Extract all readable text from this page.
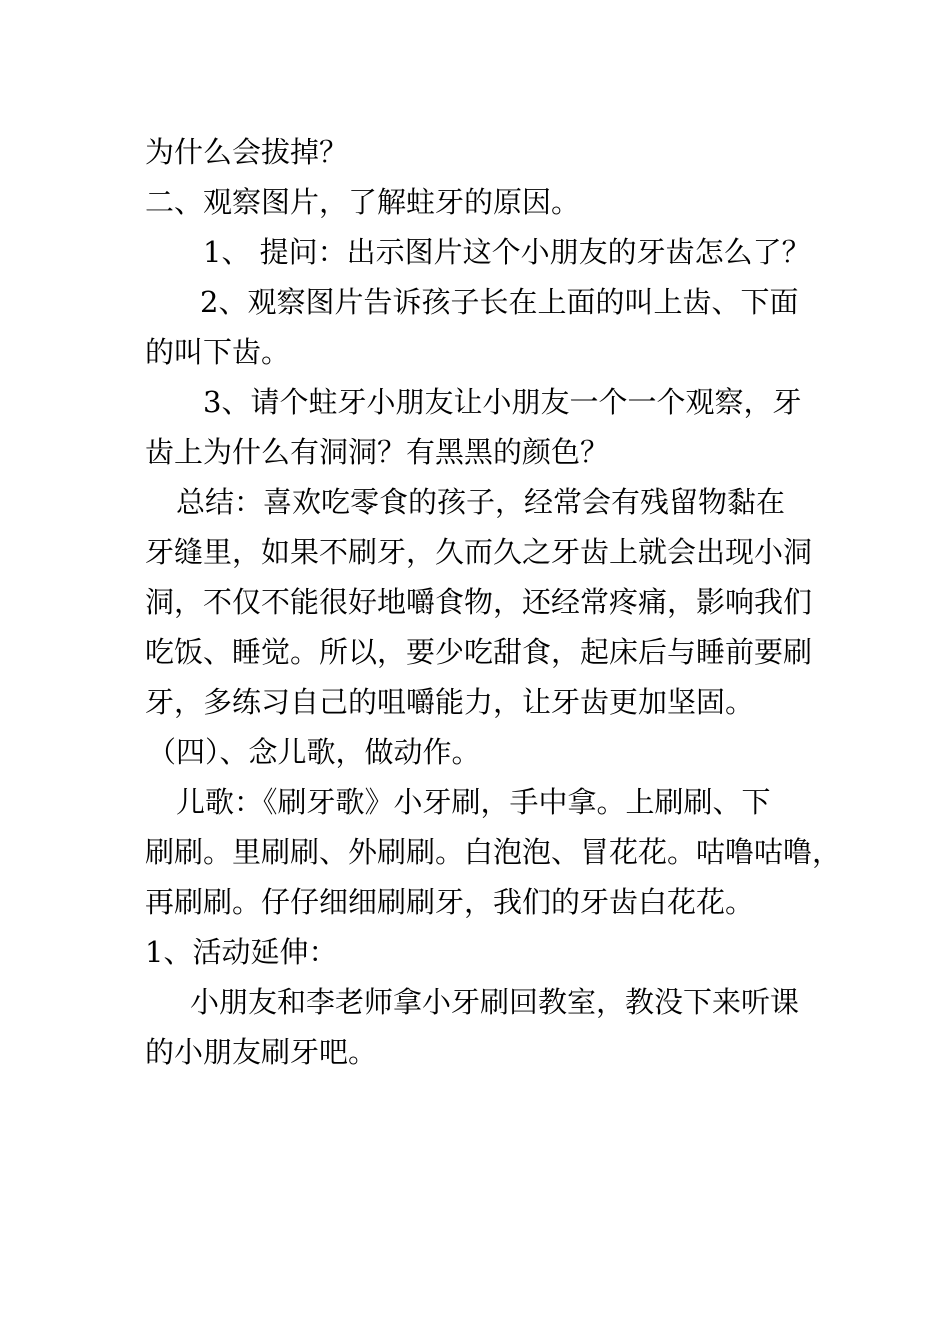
为什么会拔掉？

二、观察图片，了解蛀牙的原因。

1、 提问：出示图片这个小朋友的牙齿怎么了？

2、观察图片告诉孩子长在上面的叫上齿、下面

的叫下齿。

3、请个蛀牙小朋友让小朋友一个一个观察，牙

齿上为什么有洞洞？有黑黑的颜色？

总结：喜欢吃零食的孩子，经常会有残留物黏在

牙缝里，如果不刷牙，久而久之牙齿上就会出现小洞

洞，不仅不能很好地嚼食物，还经常疼痛，影响我们

吃饭、睡觉。所以，要少吃甜食，起床后与睡前要刷

牙，多练习自己的咀嚼能力，让牙齿更加坚固。

（四）、念儿歌，做动作。

儿歌：《刷牙歌》小牙刷，手中拿。上刷刷、下

刷刷。里刷刷、外刷刷。白泡泡、冒花花。咕噜咕噜，

再刷刷。仔仔细细刷刷牙，我们的牙齿白花花。

1、活动延伸：

小朋友和李老师拿小牙刷回教室，教没下来听课

的小朋友刷牙吧。
